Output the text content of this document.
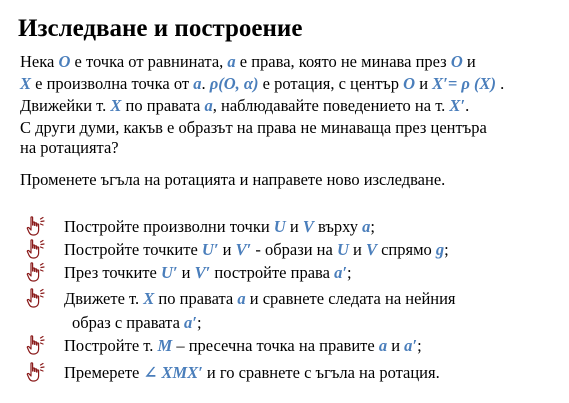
Изследване и построение
Нека O е точка от равнината, a е права, която не минава през O и
X е произволна точка от a. ρ(O, α) е ротация, с център O и X′= ρ (X) .
Движейки т. X по правата a, наблюдавайте поведението на т. X′.
С други думи, какъв е образът на права не минаваща през центъра
на ротацията?
Променете ъгъла на ротацията и направете ново изследване.
Постройте произволни точки U и V върху a;
Постройте точките U′ и V′ - образи на U и V спрямо g;
През точките U′ и V′ постройте права a′;
Движете т. X по правата a и сравнете следата на нейния
образ с правата a′;
Постройте т. M – пресечна точка на правите a и a′;
Премерете ∠ XMX′ и го сравнете с ъгъла на ротация.
